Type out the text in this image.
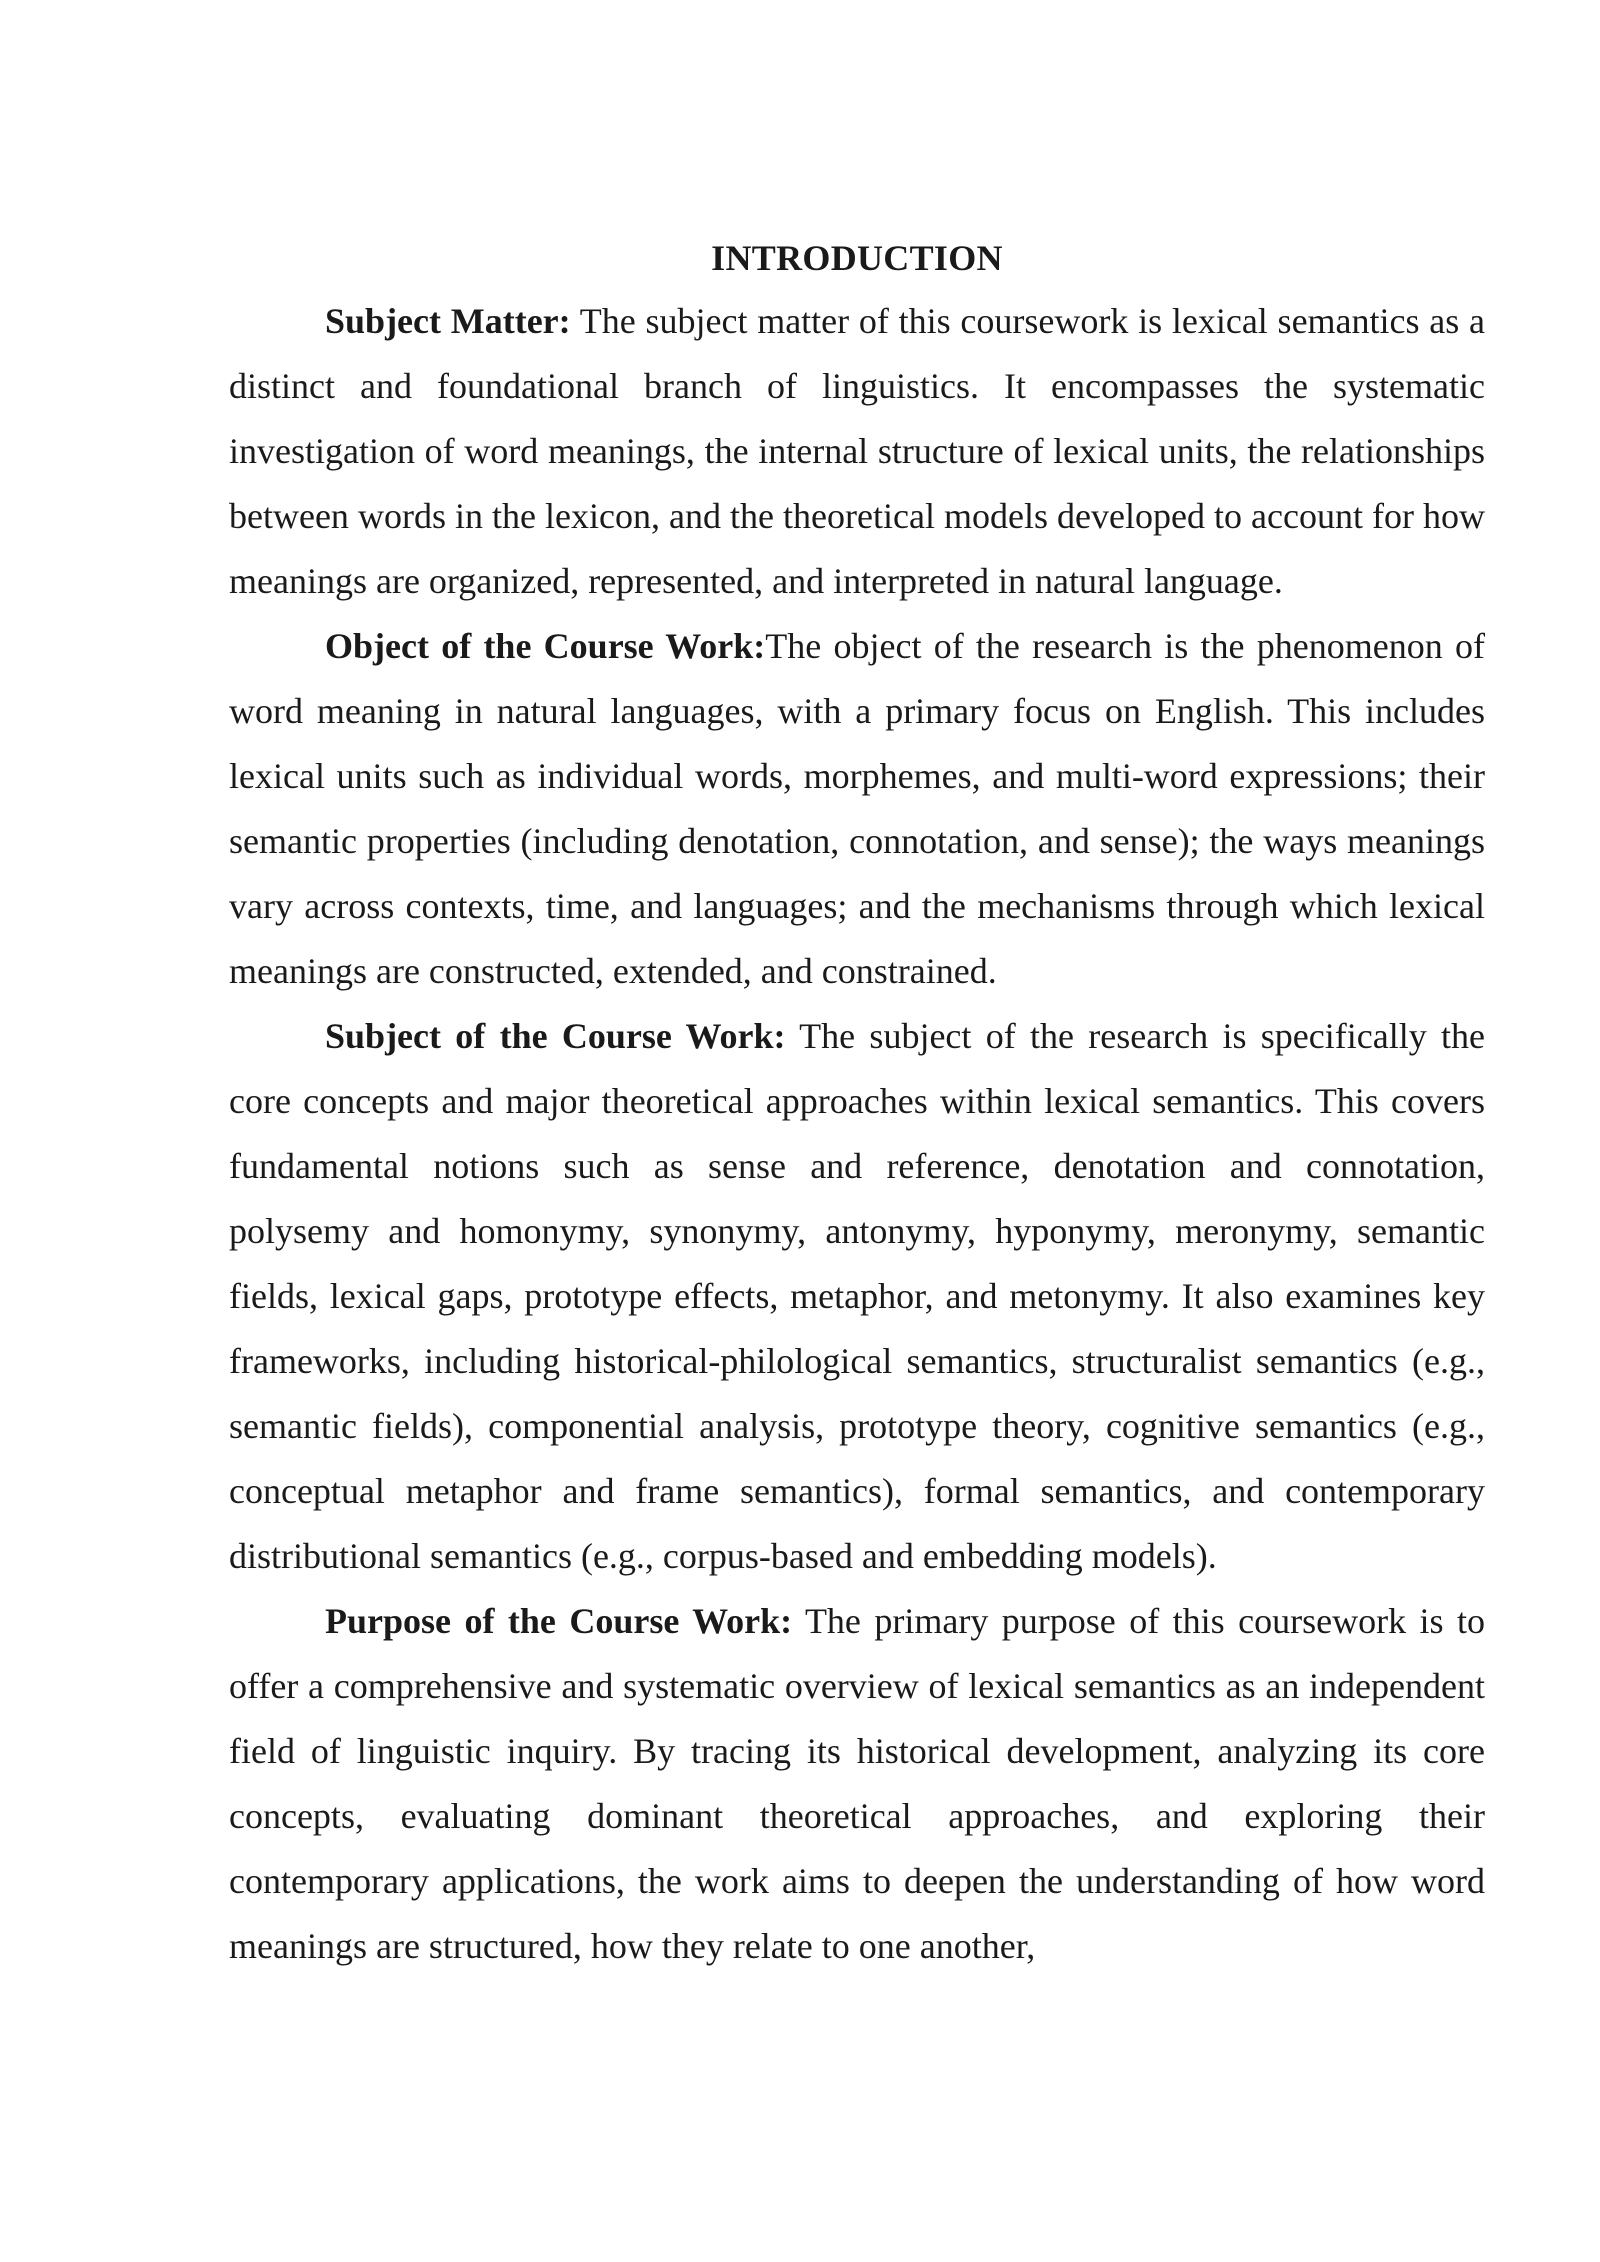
INTRODUCTION

Subject Matter: The subject matter of this coursework is lexical semantics as a distinct and foundational branch of linguistics. It encompasses the systematic investigation of word meanings, the internal structure of lexical units, the relationships between words in the lexicon, and the theoretical models developed to account for how meanings are organized, represented, and interpreted in natural language.

Object of the Course Work:The object of the research is the phenomenon of word meaning in natural languages, with a primary focus on English. This includes lexical units such as individual words, morphemes, and multi-word expressions; their semantic properties (including denotation, connotation, and sense); the ways meanings vary across contexts, time, and languages; and the mechanisms through which lexical meanings are constructed, extended, and constrained.

Subject of the Course Work: The subject of the research is specifically the core concepts and major theoretical approaches within lexical semantics. This covers fundamental notions such as sense and reference, denotation and connotation, polysemy and homonymy, synonymy, antonymy, hyponymy, meronymy, semantic fields, lexical gaps, prototype effects, metaphor, and metonymy. It also examines key frameworks, including historical-philological semantics, structuralist semantics (e.g., semantic fields), componential analysis, prototype theory, cognitive semantics (e.g., conceptual metaphor and frame semantics), formal semantics, and contemporary distributional semantics (e.g., corpus-based and embedding models).

Purpose of the Course Work: The primary purpose of this coursework is to offer a comprehensive and systematic overview of lexical semantics as an independent field of linguistic inquiry. By tracing its historical development, analyzing its core concepts, evaluating dominant theoretical approaches, and exploring their contemporary applications, the work aims to deepen the understanding of how word meanings are structured, how they relate to one another,
